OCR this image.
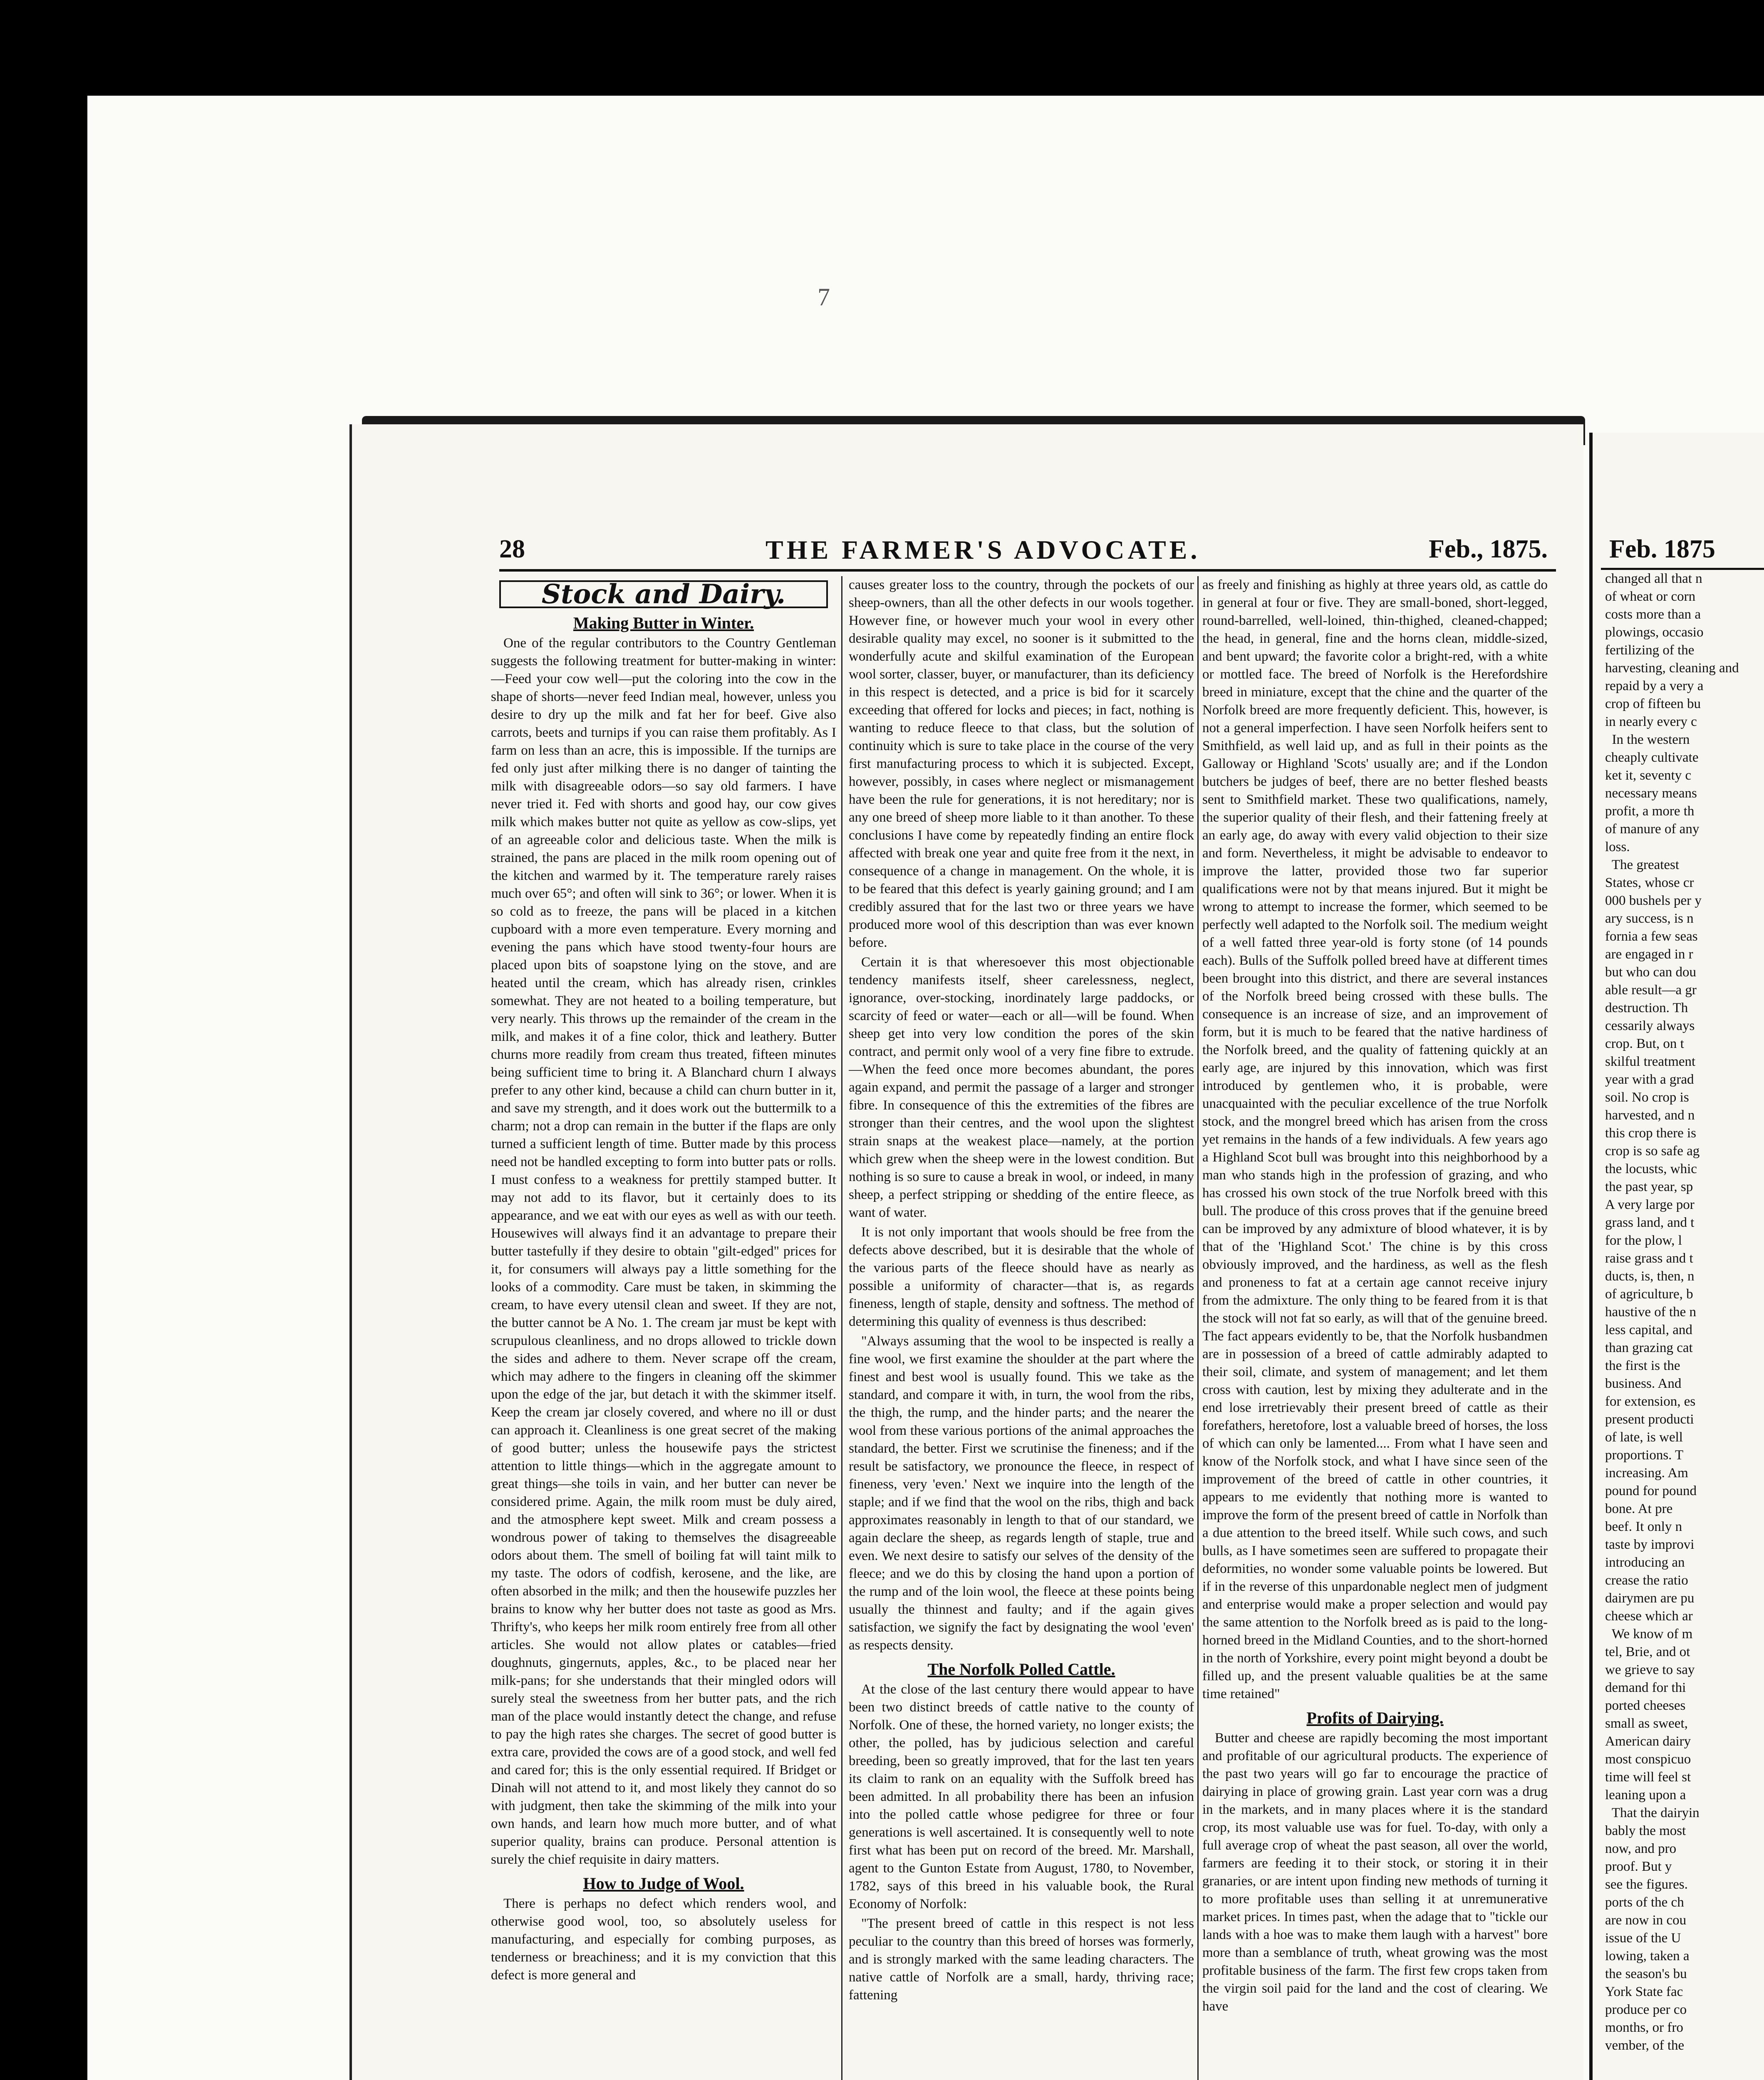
7
28	THE FARMER'S ADVOCATE.	Feb., 1875.
Stock and Dairy.
Making Butter in Winter.

One of the regular contributors to the Country Gentleman suggests the following treatment for butter-making in winter:—Feed your cow well—put the coloring into the cow in the shape of shorts—never feed Indian meal, however, unless you desire to dry up the milk and fat her for beef. Give also carrots, beets and turnips if you can raise them profitably. As I farm on less than an acre, this is impossible. If the turnips are fed only just after milking there is no danger of tainting the milk with disagreeable odors—so say old farmers. I have never tried it. Fed with shorts and good hay, our cow gives milk which makes butter not quite as yellow as cow-slips, yet of an agreeable color and delicious taste. When the milk is strained, the pans are placed in the milk room opening out of the kitchen and warmed by it. The temperature rarely raises much over 65°; and often will sink to 36°; or lower. When it is so cold as to freeze, the pans will be placed in a kitchen cupboard with a more even temperature. Every morning and evening the pans which have stood twenty-four hours are placed upon bits of soapstone lying on the stove, and are heated until the cream, which has already risen, crinkles somewhat. They are not heated to a boiling temperature, but very nearly. This throws up the remainder of the cream in the milk, and makes it of a fine color, thick and leathery. Butter churns more readily from cream thus treated, fifteen minutes being sufficient time to bring it. A Blanchard churn I always prefer to any other kind, because a child can churn butter in it, and save my strength, and it does work out the buttermilk to a charm; not a drop can remain in the butter if the flaps are only turned a sufficient length of time. Butter made by this process need not be handled excepting to form into butter pats or rolls. I must confess to a weakness for prettily stamped butter. It may not add to its flavor, but it certainly does to its appearance, and we eat with our eyes as well as with our teeth. Housewives will always find it an advantage to prepare their butter tastefully if they desire to obtain "gilt-edged" prices for it, for consumers will always pay a little something for the looks of a commodity. Care must be taken, in skimming the cream, to have every utensil clean and sweet. If they are not, the butter cannot be A No. 1. The cream jar must be kept with scrupulous cleanliness, and no drops allowed to trickle down the sides and adhere to them. Never scrape off the cream, which may adhere to the fingers in cleaning off the skimmer upon the edge of the jar, but detach it with the skimmer itself. Keep the cream jar closely covered, and where no ill or dust can approach it. Cleanliness is one great secret of the making of good butter; unless the housewife pays the strictest attention to little things—which in the aggregate amount to great things—she toils in vain, and her butter can never be considered prime. Again, the milk room must be duly aired, and the atmosphere kept sweet. Milk and cream possess a wondrous power of taking to themselves the disagreeable odors about them. The smell of boiling fat will taint milk to my taste. The odors of codfish, kerosene, and the like, are often absorbed in the milk; and then the housewife puzzles her brains to know why her butter does not taste as good as Mrs. Thrifty's, who keeps her milk room entirely free from all other articles. She would not allow plates or catables—fried doughnuts, gingernuts, apples, &c., to be placed near her milk-pans; for she understands that their mingled odors will surely steal the sweetness from her butter pats, and the rich man of the place would instantly detect the change, and refuse to pay the high rates she charges. The secret of good butter is extra care, provided the cows are of a good stock, and well fed and cared for; this is the only essential required. If Bridget or Dinah will not attend to it, and most likely they cannot do so with judgment, then take the skimming of the milk into your own hands, and learn how much more butter, and of what superior quality, brains can produce. Personal attention is surely the chief requisite in dairy matters.

How to Judge of Wool.

There is perhaps no defect which renders wool, and otherwise good wool, too, so absolutely useless for manufacturing, and especially for combing purposes, as tenderness or breachiness; and it is my conviction that this defect is more general and

causes greater loss to the country, through the pockets of our sheep-owners, than all the other defects in our wools together. However fine, or however much your wool in every other desirable quality may excel, no sooner is it submitted to the wonderfully acute and skilful examination of the European wool sorter, classer, buyer, or manufacturer, than its deficiency in this respect is detected, and a price is bid for it scarcely exceeding that offered for locks and pieces; in fact, nothing is wanting to reduce fleece to that class, but the solution of continuity which is sure to take place in the course of the very first manufacturing process to which it is subjected. Except, however, possibly, in cases where neglect or mismanagement have been the rule for generations, it is not hereditary; nor is any one breed of sheep more liable to it than another. To these conclusions I have come by repeatedly finding an entire flock affected with break one year and quite free from it the next, in consequence of a change in management. On the whole, it is to be feared that this defect is yearly gaining ground; and I am credibly assured that for the last two or three years we have produced more wool of this description than was ever known before.

Certain it is that wheresoever this most objectionable tendency manifests itself, sheer carelessness, neglect, ignorance, over-stocking, inordinately large paddocks, or scarcity of feed or water—each or all—will be found. When sheep get into very low condition the pores of the skin contract, and permit only wool of a very fine fibre to extrude.—When the feed once more becomes abundant, the pores again expand, and permit the passage of a larger and stronger fibre. In consequence of this the extremities of the fibres are stronger than their centres, and the wool upon the slightest strain snaps at the weakest place—namely, at the portion which grew when the sheep were in the lowest condition. But nothing is so sure to cause a break in wool, or indeed, in many sheep, a perfect stripping or shedding of the entire fleece, as want of water.

It is not only important that wools should be free from the defects above described, but it is desirable that the whole of the various parts of the fleece should have as nearly as possible a uniformity of character—that is, as regards fineness, length of staple, density and softness. The method of determining this quality of evenness is thus described:

"Always assuming that the wool to be inspected is really a fine wool, we first examine the shoulder at the part where the finest and best wool is usually found. This we take as the standard, and compare it with, in turn, the wool from the ribs, the thigh, the rump, and the hinder parts; and the nearer the wool from these various portions of the animal approaches the standard, the better. First we scrutinise the fineness; and if the result be satisfactory, we pronounce the fleece, in respect of fineness, very 'even.' Next we inquire into the length of the staple; and if we find that the wool on the ribs, thigh and back approximates reasonably in length to that of our standard, we again declare the sheep, as regards length of staple, true and even. We next desire to satisfy our selves of the density of the fleece; and we do this by closing the hand upon a portion of the rump and of the loin wool, the fleece at these points being usually the thinnest and faulty; and if the again gives satisfaction, we signify the fact by designating the wool 'even' as respects density.

The Norfolk Polled Cattle.

At the close of the last century there would appear to have been two distinct breeds of cattle native to the county of Norfolk. One of these, the horned variety, no longer exists; the other, the polled, has by judicious selection and careful breeding, been so greatly improved, that for the last ten years its claim to rank on an equality with the Suffolk breed has been admitted. In all probability there has been an infusion into the polled cattle whose pedigree for three or four generations is well ascertained. It is consequently well to note first what has been put on record of the breed. Mr. Marshall, agent to the Gunton Estate from August, 1780, to November, 1782, says of this breed in his valuable book, the Rural Economy of Norfolk:

"The present breed of cattle in this respect is not less peculiar to the country than this breed of horses was formerly, and is strongly marked with the same leading characters. The native cattle of Norfolk are a small, hardy, thriving race; fattening

as freely and finishing as highly at three years old, as cattle do in general at four or five. They are small-boned, short-legged, round-barrelled, well-loined, thin-thighed, cleaned-chapped; the head, in general, fine and the horns clean, middle-sized, and bent upward; the favorite color a bright-red, with a white or mottled face. The breed of Norfolk is the Herefordshire breed in miniature, except that the chine and the quarter of the Norfolk breed are more frequently deficient. This, however, is not a general imperfection. I have seen Norfolk heifers sent to Smithfield, as well laid up, and as full in their points as the Galloway or Highland 'Scots' usually are; and if the London butchers be judges of beef, there are no better fleshed beasts sent to Smithfield market. These two qualifications, namely, the superior quality of their flesh, and their fattening freely at an early age, do away with every valid objection to their size and form. Nevertheless, it might be advisable to endeavor to improve the latter, provided those two far superior qualifications were not by that means injured. But it might be wrong to attempt to increase the former, which seemed to be perfectly well adapted to the Norfolk soil. The medium weight of a well fatted three year-old is forty stone (of 14 pounds each). Bulls of the Suffolk polled breed have at different times been brought into this district, and there are several instances of the Norfolk breed being crossed with these bulls. The consequence is an increase of size, and an improvement of form, but it is much to be feared that the native hardiness of the Norfolk breed, and the quality of fattening quickly at an early age, are injured by this innovation, which was first introduced by gentlemen who, it is probable, were unacquainted with the peculiar excellence of the true Norfolk stock, and the mongrel breed which has arisen from the cross yet remains in the hands of a few individuals. A few years ago a Highland Scot bull was brought into this neighborhood by a man who stands high in the profession of grazing, and who has crossed his own stock of the true Norfolk breed with this bull. The produce of this cross proves that if the genuine breed can be improved by any admixture of blood whatever, it is by that of the 'Highland Scot.' The chine is by this cross obviously improved, and the hardiness, as well as the flesh and proneness to fat at a certain age cannot receive injury from the admixture. The only thing to be feared from it is that the stock will not fat so early, as will that of the genuine breed. The fact appears evidently to be, that the Norfolk husbandmen are in possession of a breed of cattle admirably adapted to their soil, climate, and system of management; and let them cross with caution, lest by mixing they adulterate and in the end lose irretrievably their present breed of cattle as their forefathers, heretofore, lost a valuable breed of horses, the loss of which can only be lamented.... From what I have seen and know of the Norfolk stock, and what I have since seen of the improvement of the breed of cattle in other countries, it appears to me evidently that nothing more is wanted to improve the form of the present breed of cattle in Norfolk than a due attention to the breed itself. While such cows, and such bulls, as I have sometimes seen are suffered to propagate their deformities, no wonder some valuable points be lowered. But if in the reverse of this unpardonable neglect men of judgment and enterprise would make a proper selection and would pay the same attention to the Norfolk breed as is paid to the long-horned breed in the Midland Counties, and to the short-horned in the north of Yorkshire, every point might beyond a doubt be filled up, and the present valuable qualities be at the same time retained"

Profits of Dairying.

Butter and cheese are rapidly becoming the most important and profitable of our agricultural products. The experience of the past two years will go far to encourage the practice of dairying in place of growing grain. Last year corn was a drug in the markets, and in many places where it is the standard crop, its most valuable use was for fuel. To-day, with only a full average crop of wheat the past season, all over the world, farmers are feeding it to their stock, or storing it in their granaries, or are intent upon finding new methods of turning it to more profitable uses than selling it at unremunerative market prices. In times past, when the adage that to "tickle our lands with a hoe was to make them laugh with a harvest" bore more than a semblance of truth, wheat growing was the most profitable business of the farm. The first few crops taken from the virgin soil paid for the land and the cost of clearing. We have

Feb. 1875
changed all that n
of wheat or corn
costs more than a
plowings, occasio
fertilizing of the
harvesting, cleaning and
repaid by a very a
crop of fifteen bu
in nearly every c
In the western
cheaply cultivate
ket it, seventy c
necessary means
profit, a more th
of manure of any
loss.
The greatest
States, whose cr
000 bushels per y
ary success, is n
fornia a few seas
are engaged in r
but who can dou
able result—a gr
destruction. Th
cessarily always
crop. But, on t
skilful treatment
year with a grad
soil. No crop is
harvested, and n
this crop there is
crop is so safe ag
the locusts, whic
the past year, sp
A very large por
grass land, and t
for the plow, l
raise grass and t
ducts, is, then, n
of agriculture, b
haustive of the n
less capital, and
than grazing cat
the first is the
business. And
for extension, es
present producti
of late, is well
proportions. T
increasing. Am
pound for pound
bone. At pre
beef. It only n
taste by improvi
introducing an
crease the ratio
dairymen are pu
cheese which ar
We know of m
tel, Brie, and ot
we grieve to say
demand for thi
ported cheeses
small as sweet,
American dairy
most conspicuo
time will feel st
leaning upon a
That the dairyin
bably the most
now, and pro
proof. But y
see the figures.
ports of the ch
are now in cou
issue of the U
lowing, taken a
the season's bu
York State fac
produce per co
months, or fro
vember, of the
